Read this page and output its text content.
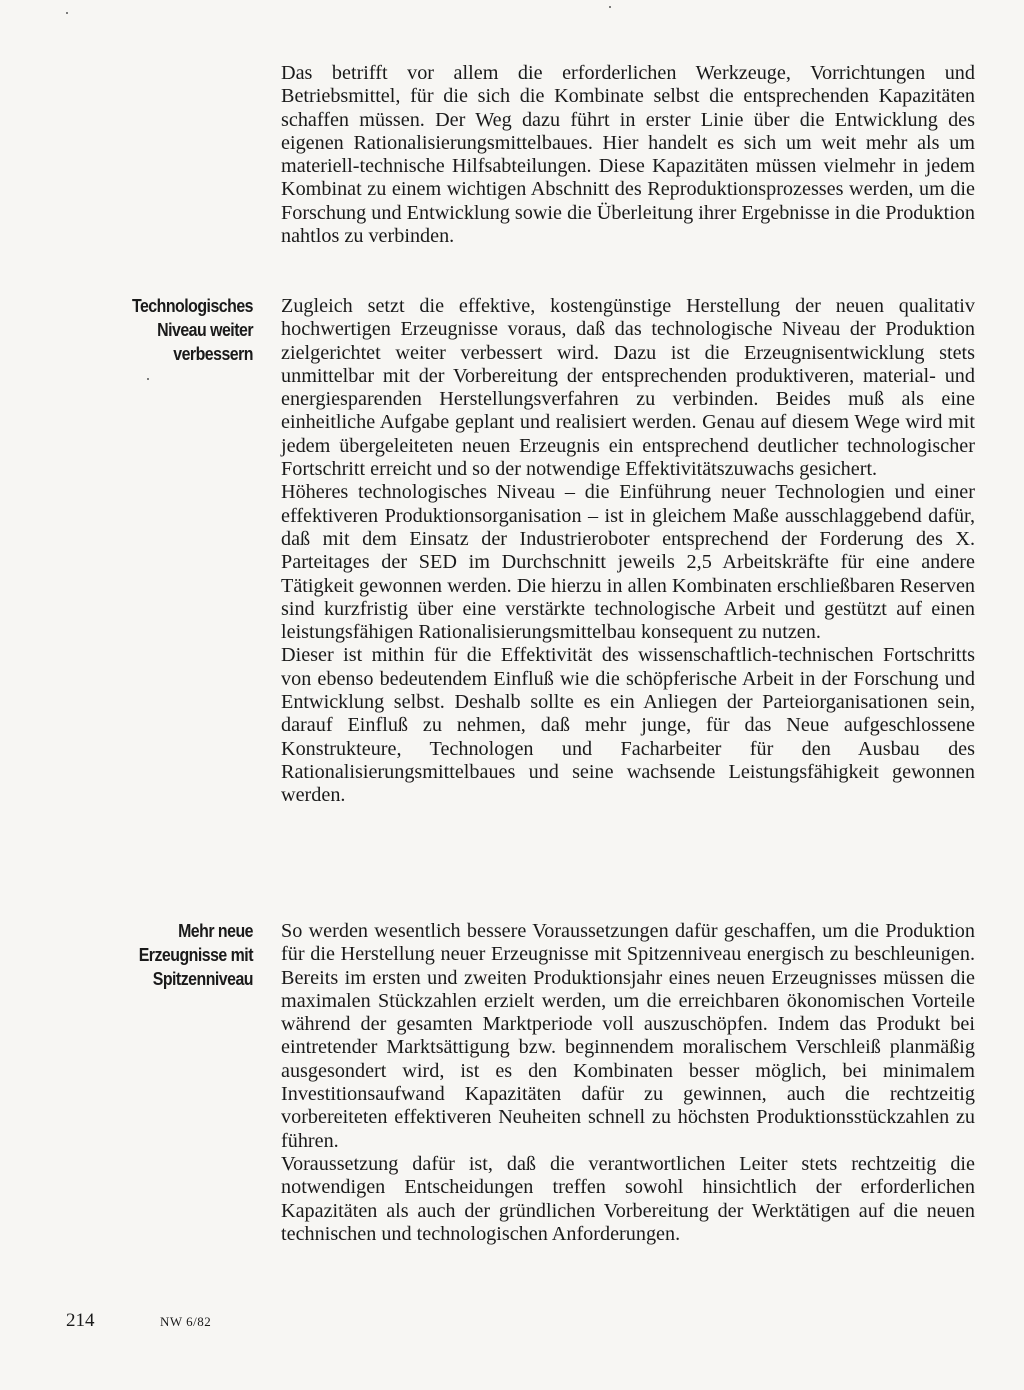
Das betrifft vor allem die erforderlichen Werkzeuge, Vorrichtungen und Betriebsmittel, für die sich die Kombinate selbst die entsprechenden Kapazitäten schaffen müssen. Der Weg dazu führt in erster Linie über die Entwicklung des eigenen Rationalisierungsmittelbaues. Hier handelt es sich um weit mehr als um materiell-technische Hilfsabteilungen. Diese Kapazitäten müssen vielmehr in jedem Kombinat zu einem wichtigen Abschnitt des Reproduktionsprozesses werden, um die Forschung und Entwicklung sowie die Überleitung ihrer Ergebnisse in die Produktion nahtlos zu verbinden.

Technologisches
Niveau weiter
verbessern

Zugleich setzt die effektive, kostengünstige Herstellung der neuen qualitativ hochwertigen Erzeugnisse voraus, daß das technologische Niveau der Produktion zielgerichtet weiter verbessert wird. Dazu ist die Erzeugnisentwicklung stets unmittelbar mit der Vorbereitung der entsprechenden produktiveren, material- und energiesparenden Herstellungsverfahren zu verbinden. Beides muß als eine einheitliche Aufgabe geplant und realisiert werden. Genau auf diesem Wege wird mit jedem übergeleiteten neuen Erzeugnis ein entsprechend deutlicher technologischer Fortschritt erreicht und so der notwendige Effektivitätszuwachs gesichert.

Höheres technologisches Niveau – die Einführung neuer Technologien und einer effektiveren Produktionsorganisation – ist in gleichem Maße ausschlaggebend dafür, daß mit dem Einsatz der Industrieroboter entsprechend der Forderung des X. Parteitages der SED im Durchschnitt jeweils 2,5 Arbeitskräfte für eine andere Tätigkeit gewonnen werden. Die hierzu in allen Kombinaten erschließbaren Reserven sind kurzfristig über eine verstärkte technologische Arbeit und gestützt auf einen leistungsfähigen Rationalisierungsmittelbau konsequent zu nutzen.

Dieser ist mithin für die Effektivität des wissenschaftlich-technischen Fortschritts von ebenso bedeutendem Einfluß wie die schöpferische Arbeit in der Forschung und Entwicklung selbst. Deshalb sollte es ein Anliegen der Parteiorganisationen sein, darauf Einfluß zu nehmen, daß mehr junge, für das Neue aufgeschlossene Konstrukteure, Technologen und Facharbeiter für den Ausbau des Rationalisierungsmittelbaues und seine wachsende Leistungsfähigkeit gewonnen werden.

Mehr neue
Erzeugnisse mit
Spitzenniveau

So werden wesentlich bessere Voraussetzungen dafür geschaffen, um die Produktion für die Herstellung neuer Erzeugnisse mit Spitzenniveau energisch zu beschleunigen. Bereits im ersten und zweiten Produktionsjahr eines neuen Erzeugnisses müssen die maximalen Stückzahlen erzielt werden, um die erreichbaren ökonomischen Vorteile während der gesamten Marktperiode voll auszuschöpfen. Indem das Produkt bei eintretender Marktsättigung bzw. beginnendem moralischem Verschleiß planmäßig ausgesondert wird, ist es den Kombinaten besser möglich, bei minimalem Investitionsaufwand Kapazitäten dafür zu gewinnen, auch die rechtzeitig vorbereiteten effektiveren Neuheiten schnell zu höchsten Produktionsstückzahlen zu führen.

Voraussetzung dafür ist, daß die verantwortlichen Leiter stets rechtzeitig die notwendigen Entscheidungen treffen sowohl hinsichtlich der erforderlichen Kapazitäten als auch der gründlichen Vorbereitung der Werktätigen auf die neuen technischen und technologischen Anforderungen.

214	NW 6/82
